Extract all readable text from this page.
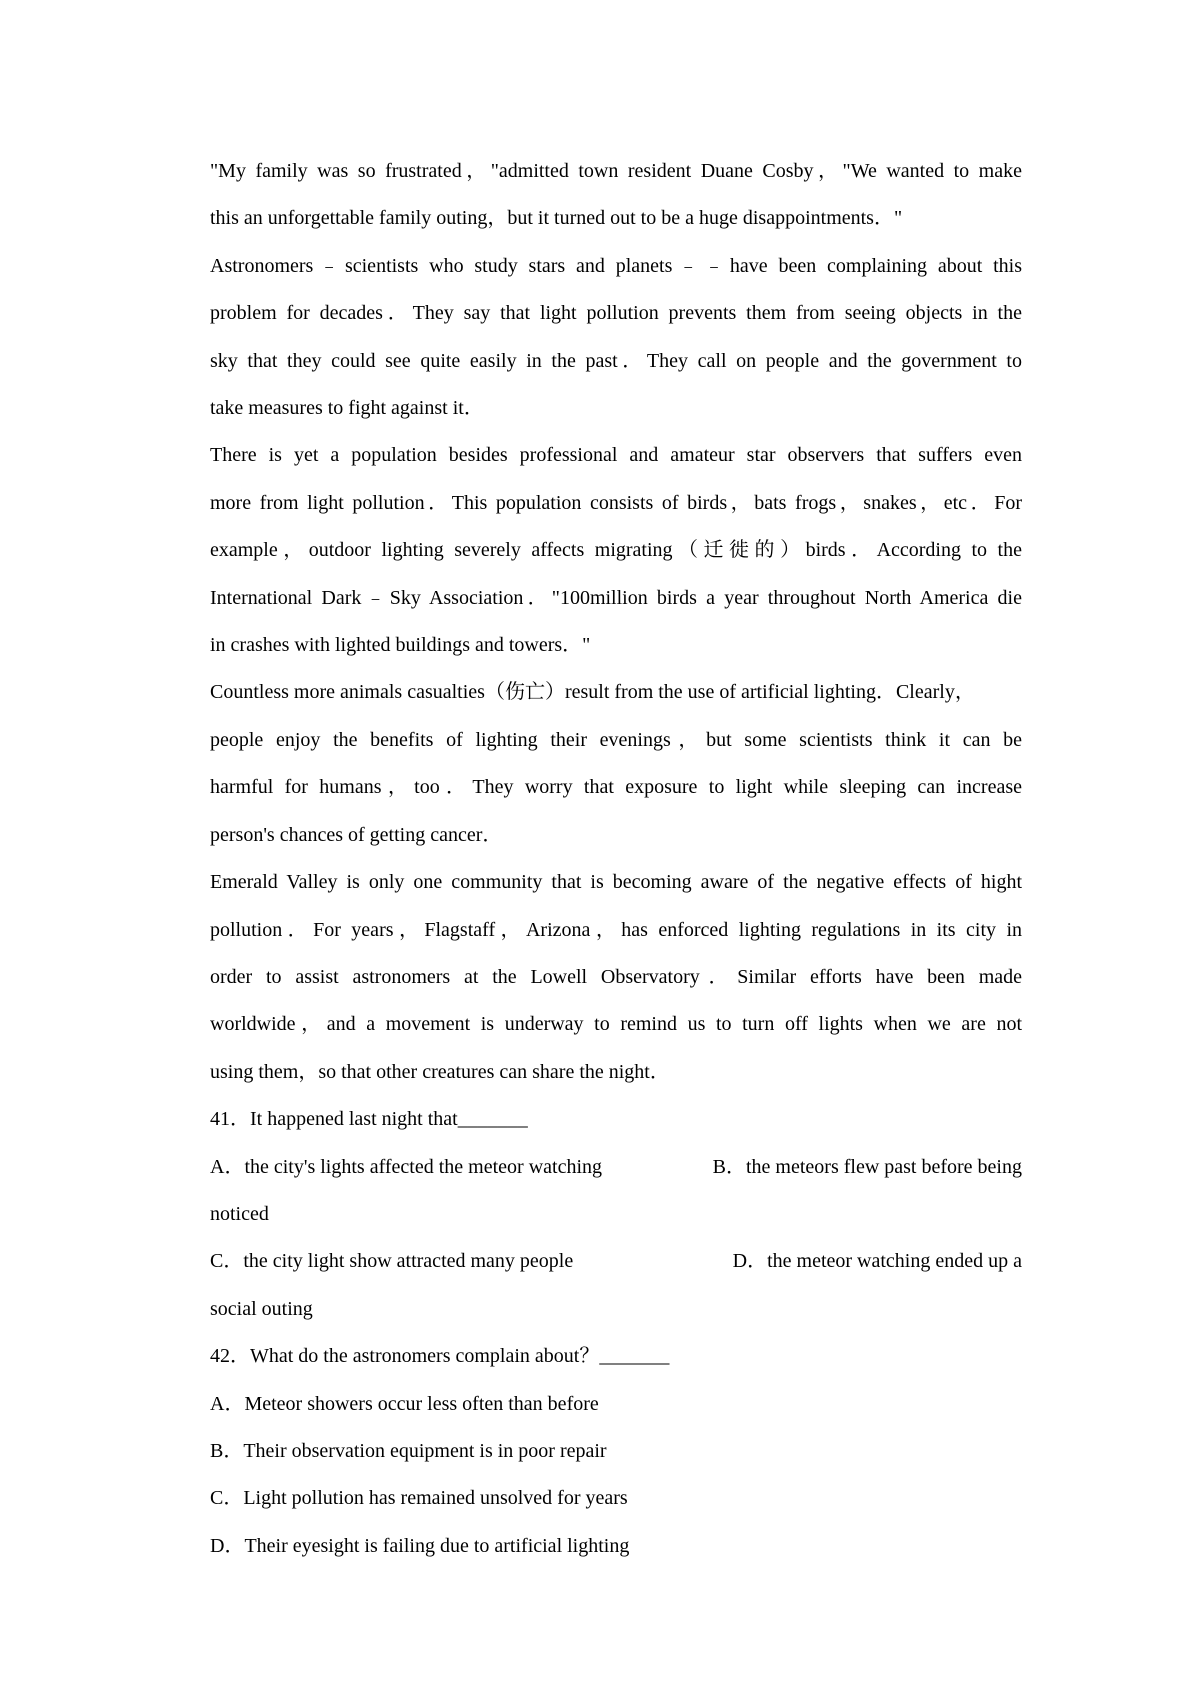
"My family was so frustrated，"admitted town resident Duane Cosby，"We wanted to make
this an unforgettable family outing，but it turned out to be a huge disappointments．"
Astronomers﹣scientists who study stars and planets﹣﹣have been complaining about this
problem for decades．They say that light pollution prevents them from seeing objects in the
sky that they could see quite easily in the past．They call on people and the government to
take measures to fight against it．
There is yet a population besides professional and amateur star observers that suffers even
more from light pollution．This population consists of birds，bats frogs，snakes，etc．For
example，outdoor lighting severely affects migrating（迁徙的）birds．According to the
International Dark﹣Sky Association．"100million birds a year throughout North America die
in crashes with lighted buildings and towers．"
Countless more animals casualties（伤亡）result from the use of artificial lighting．Clearly，
people enjoy the benefits of lighting their evenings，but some scientists think it can be
harmful for humans，too．They worry that exposure to light while sleeping can increase
person's chances of getting cancer．
Emerald Valley is only one community that is becoming aware of the negative effects of hight
pollution．For years，Flagstaff，Arizona，has enforced lighting regulations in its city in
order to assist astronomers at the Lowell Observatory．Similar efforts have been made
worldwide，and a movement is underway to remind us to turn off lights when we are not
using them，so that other creatures can share the night．
41．It happened last night that_______
A．the city's lights affected the meteor watching	B．the meteors flew past before being
noticed
C．the city light show attracted many people	D．the meteor watching ended up a
social outing
42．What do the astronomers complain about？_______
A．Meteor showers occur less often than before
B．Their observation equipment is in poor repair
C．Light pollution has remained unsolved for years
D．Their eyesight is failing due to artificial lighting
